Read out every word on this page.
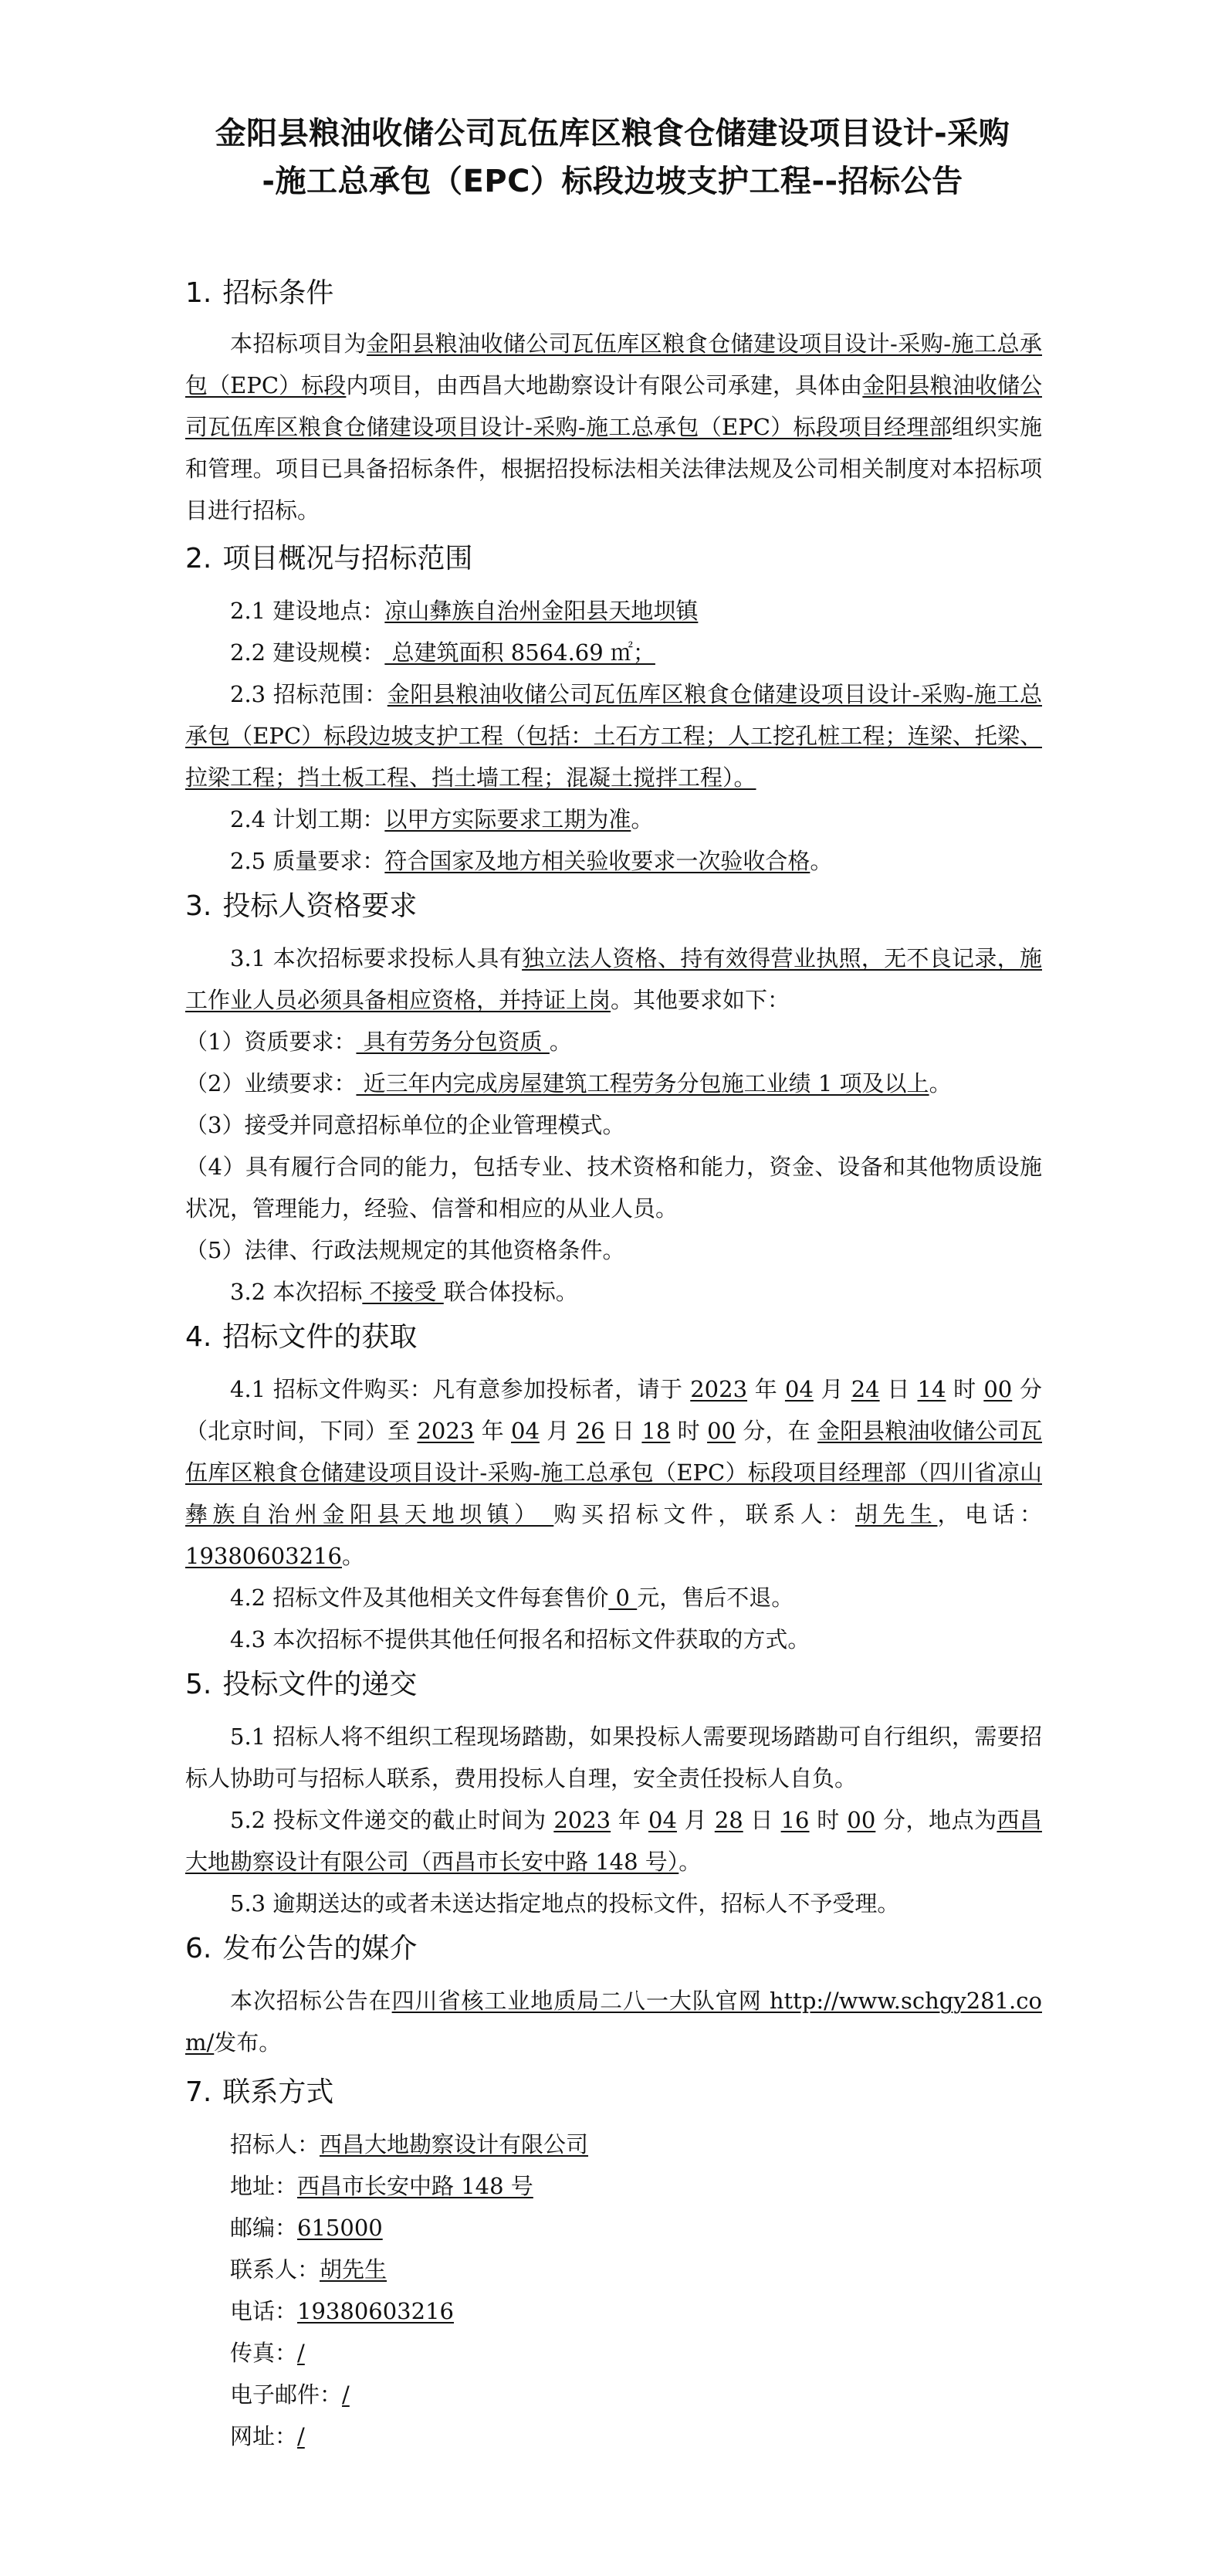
金阳县粮油收储公司瓦伍库区粮食仓储建设项目设计-采购
-施工总承包（EPC）标段边坡支护工程--招标公告
1. 招标条件
本招标项目为金阳县粮油收储公司瓦伍库区粮食仓储建设项目设计-采购-施工总承包（EPC）标段内项目，由西昌大地勘察设计有限公司承建，具体由金阳县粮油收储公司瓦伍库区粮食仓储建设项目设计-采购-施工总承包（EPC）标段项目经理部组织实施和管理。项目已具备招标条件，根据招投标法相关法律法规及公司相关制度对本招标项目进行招标。
2. 项目概况与招标范围
2.1 建设地点：凉山彝族自治州金阳县天地坝镇
2.2 建设规模： 总建筑面积 8564.69 ㎡；
2.3 招标范围：金阳县粮油收储公司瓦伍库区粮食仓储建设项目设计-采购-施工总承包（EPC）标段边坡支护工程（包括：土石方工程；人工挖孔桩工程；连梁、托梁、拉梁工程；挡土板工程、挡土墙工程；混凝土搅拌工程）。
2.4 计划工期：以甲方实际要求工期为准。
2.5 质量要求：符合国家及地方相关验收要求一次验收合格。
3. 投标人资格要求
3.1 本次招标要求投标人具有独立法人资格、持有效得营业执照，无不良记录，施工作业人员必须具备相应资格，并持证上岗。其他要求如下：
（1）资质要求： 具有劳务分包资质 。
（2）业绩要求： 近三年内完成房屋建筑工程劳务分包施工业绩 1 项及以上。
（3）接受并同意招标单位的企业管理模式。
（4）具有履行合同的能力，包括专业、技术资格和能力，资金、设备和其他物质设施状况，管理能力，经验、信誉和相应的从业人员。
（5）法律、行政法规规定的其他资格条件。
3.2 本次招标 不接受 联合体投标。
4. 招标文件的获取
4.1 招标文件购买：凡有意参加投标者，请于 2023 年 04 月 24 日 14 时 00 分（北京时间，下同）至 2023 年 04 月 26 日 18 时 00 分，在 金阳县粮油收储公司瓦伍库区粮食仓储建设项目设计-采购-施工总承包（EPC）标段项目经理部（四川省凉山彝族自治州金阳县天地坝镇） 购买招标文件，联系人：胡先生，电话：19380603216。
4.2 招标文件及其他相关文件每套售价 0 元，售后不退。
4.3 本次招标不提供其他任何报名和招标文件获取的方式。
5. 投标文件的递交
5.1 招标人将不组织工程现场踏勘，如果投标人需要现场踏勘可自行组织，需要招标人协助可与招标人联系，费用投标人自理，安全责任投标人自负。
5.2 投标文件递交的截止时间为 2023 年 04 月 28 日 16 时 00 分，地点为西昌大地勘察设计有限公司（西昌市长安中路 148 号）。
5.3 逾期送达的或者未送达指定地点的投标文件，招标人不予受理。
6. 发布公告的媒介
本次招标公告在四川省核工业地质局二八一大队官网 http://www.schgy281.com/发布。
7. 联系方式
招标人：西昌大地勘察设计有限公司
地址：西昌市长安中路 148 号
邮编：615000
联系人：胡先生
电话：19380603216
传真：/
电子邮件：/
网址：/
